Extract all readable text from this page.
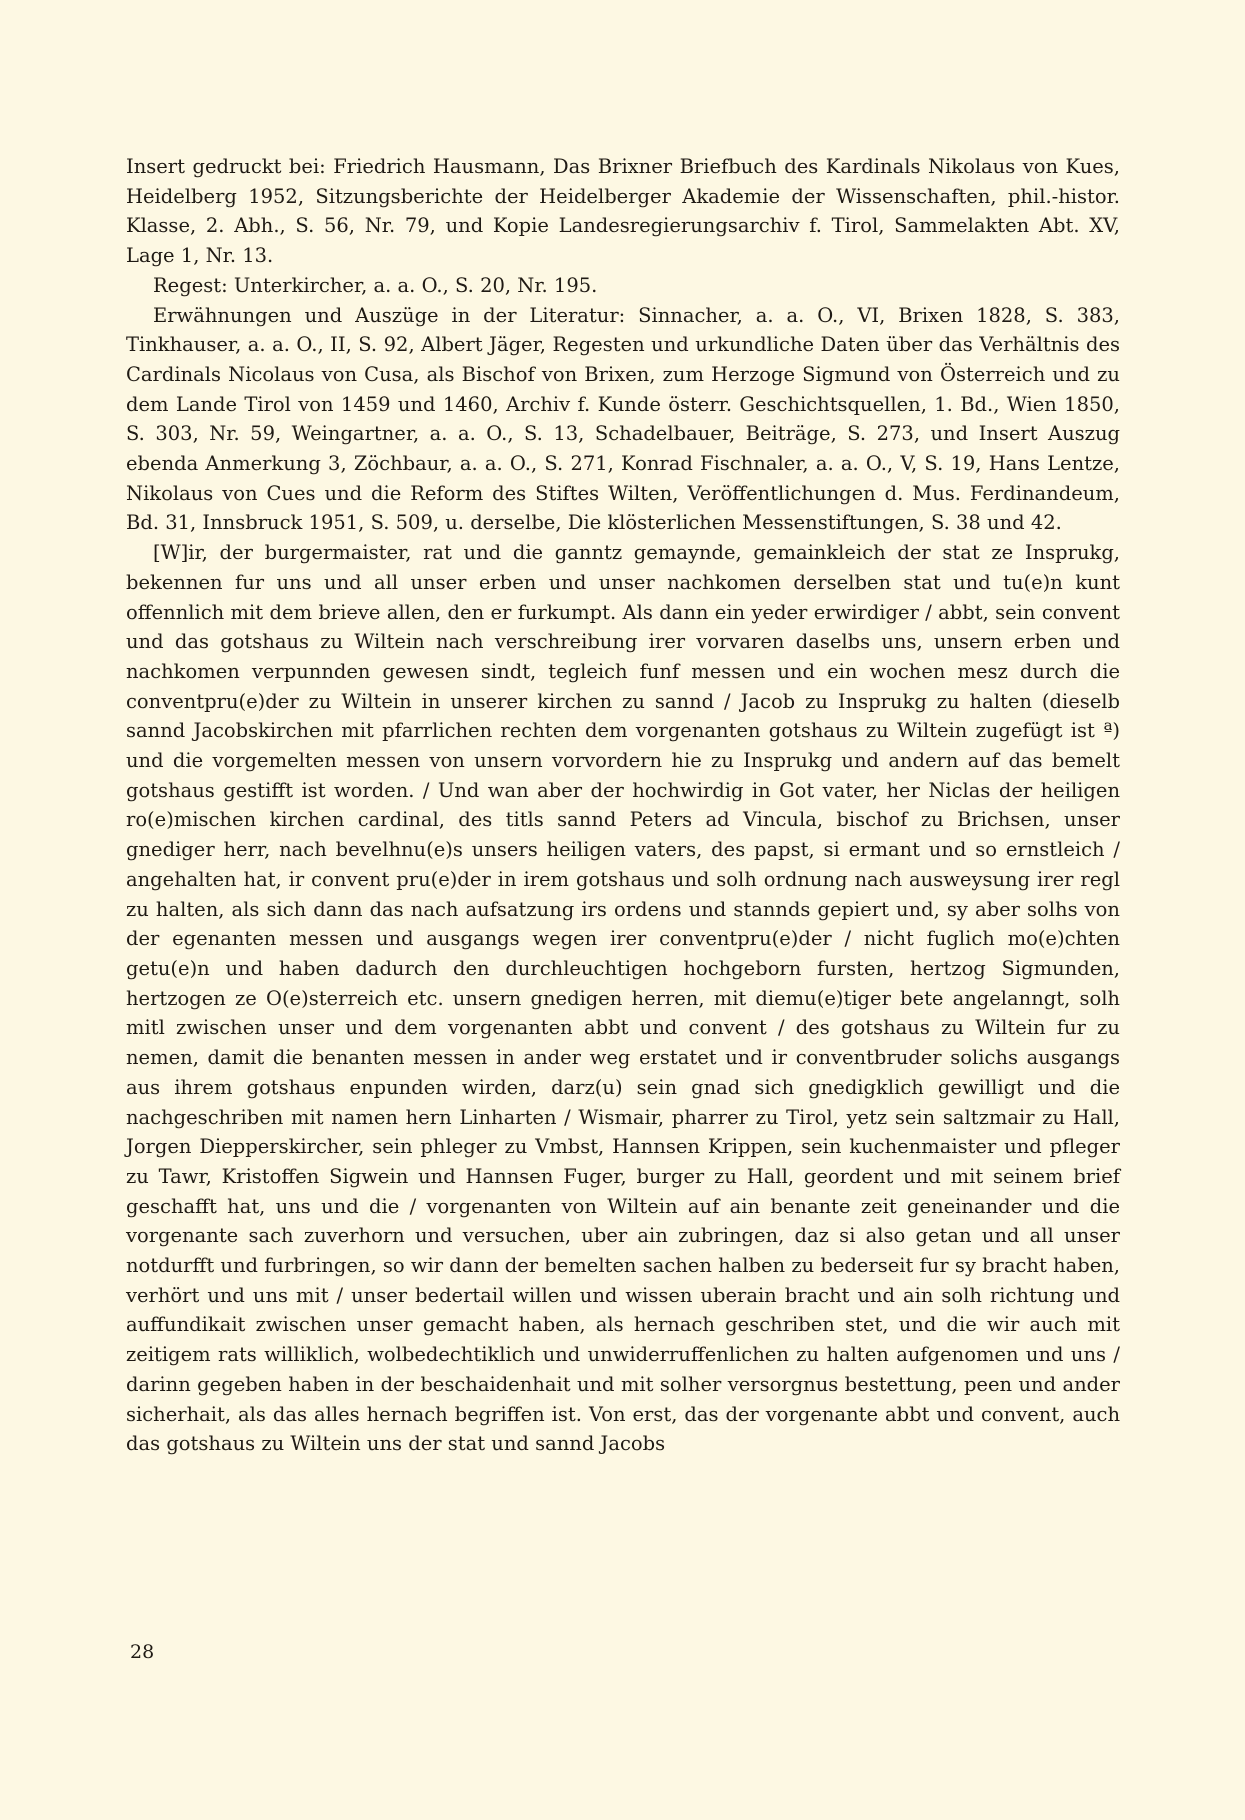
Insert gedruckt bei: Friedrich Hausmann, Das Brixner Briefbuch des Kardinals Nikolaus von Kues, Heidelberg 1952, Sitzungsberichte der Heidelberger Akademie der Wissenschaften, phil.-histor. Klasse, 2. Abh., S. 56, Nr. 79, und Kopie Landesregierungsarchiv f. Tirol, Sammelakten Abt. XV, Lage 1, Nr. 13.

Regest: Unterkircher, a. a. O., S. 20, Nr. 195.

Erwähnungen und Auszüge in der Literatur: Sinnacher, a. a. O., VI, Brixen 1828, S. 383, Tinkhauser, a. a. O., II, S. 92, Albert Jäger, Regesten und urkundliche Daten über das Verhältnis des Cardinals Nicolaus von Cusa, als Bischof von Brixen, zum Herzoge Sigmund von Österreich und zu dem Lande Tirol von 1459 und 1460, Archiv f. Kunde österr. Geschichtsquellen, 1. Bd., Wien 1850, S. 303, Nr. 59, Weingartner, a. a. O., S. 13, Schadelbauer, Beiträge, S. 273, und Insert Auszug ebenda Anmerkung 3, Zöchbaur, a. a. O., S. 271, Konrad Fischnaler, a. a. O., V, S. 19, Hans Lentze, Nikolaus von Cues und die Reform des Stiftes Wilten, Veröffentlichungen d. Mus. Ferdinandeum, Bd. 31, Innsbruck 1951, S. 509, u. derselbe, Die klösterlichen Messenstiftungen, S. 38 und 42.

[W]ir, der burgermaister, rat und die ganntz gemaynde, gemainkleich der stat ze Insprukg, bekennen fur uns und all unser erben und unser nachkomen derselben stat und tu(e)n kunt offennlich mit dem brieve allen, den er furkumpt. Als dann ein yeder erwirdiger / abbt, sein convent und das gotshaus zu Wiltein nach verschreibung irer vorvaren daselbs uns, unsern erben und nachkomen verpunnden gewesen sindt, tegleich funf messen und ein wochen mesz durch die conventpru(e)der zu Wiltein in unserer kirchen zu sannd / Jacob zu Insprukg zu halten (dieselb sannd Jacobskirchen mit pfarrlichen rechten dem vorgenanten gotshaus zu Wiltein zugefügt ist ª) und die vorgemelten messen von unsern vorvordern hie zu Insprukg und andern auf das bemelt gotshaus gestifft ist worden. / Und wan aber der hochwirdig in Got vater, her Niclas der heiligen ro(e)mischen kirchen cardinal, des titls sannd Peters ad Vincula, bischof zu Brichsen, unser gnediger herr, nach bevelhnu(e)s unsers heiligen vaters, des papst, si ermant und so ernstleich / angehalten hat, ir convent pru(e)der in irem gotshaus und solh ordnung nach ausweysung irer regl zu halten, als sich dann das nach aufsatzung irs ordens und stannds gepiert und, sy aber solhs von der egenanten messen und ausgangs wegen irer conventpru(e)der / nicht fuglich mo(e)chten getu(e)n und haben dadurch den durchleuchtigen hochgeborn fursten, hertzog Sigmunden, hertzogen ze O(e)sterreich etc. unsern gnedigen herren, mit diemu(e)tiger bete angelanngt, solh mitl zwischen unser und dem vorgenanten abbt und convent / des gotshaus zu Wiltein fur zu nemen, damit die benanten messen in ander weg erstatet und ir conventbruder solichs ausgangs aus ihrem gotshaus enpunden wirden, darz(u) sein gnad sich gnedigklich gewilligt und die nachgeschriben mit namen hern Linharten / Wismair, pharrer zu Tirol, yetz sein saltzmair zu Hall, Jorgen Diepperskircher, sein phleger zu Vmbst, Hannsen Krippen, sein kuchenmaister und pfleger zu Tawr, Kristoffen Sigwein und Hannsen Fuger, burger zu Hall, geordent und mit seinem brief geschafft hat, uns und die / vorgenanten von Wiltein auf ain benante zeit geneinander und die vorgenante sach zuverhorn und versuchen, uber ain zubringen, daz si also getan und all unser notdurfft und furbringen, so wir dann der bemelten sachen halben zu bederseit fur sy bracht haben, verhört und uns mit / unser bedertail willen und wissen uberain bracht und ain solh richtung und auffundikait zwischen unser gemacht haben, als hernach geschriben stet, und die wir auch mit zeitigem rats williklich, wolbedechtiklich und unwiderruffenlichen zu halten aufgenomen und uns / darinn gegeben haben in der beschaidenhait und mit solher versorgnus bestettung, peen und ander sicherhait, als das alles hernach begriffen ist. Von erst, das der vorgenante abbt und convent, auch das gotshaus zu Wiltein uns der stat und sannd Jacobs

28
